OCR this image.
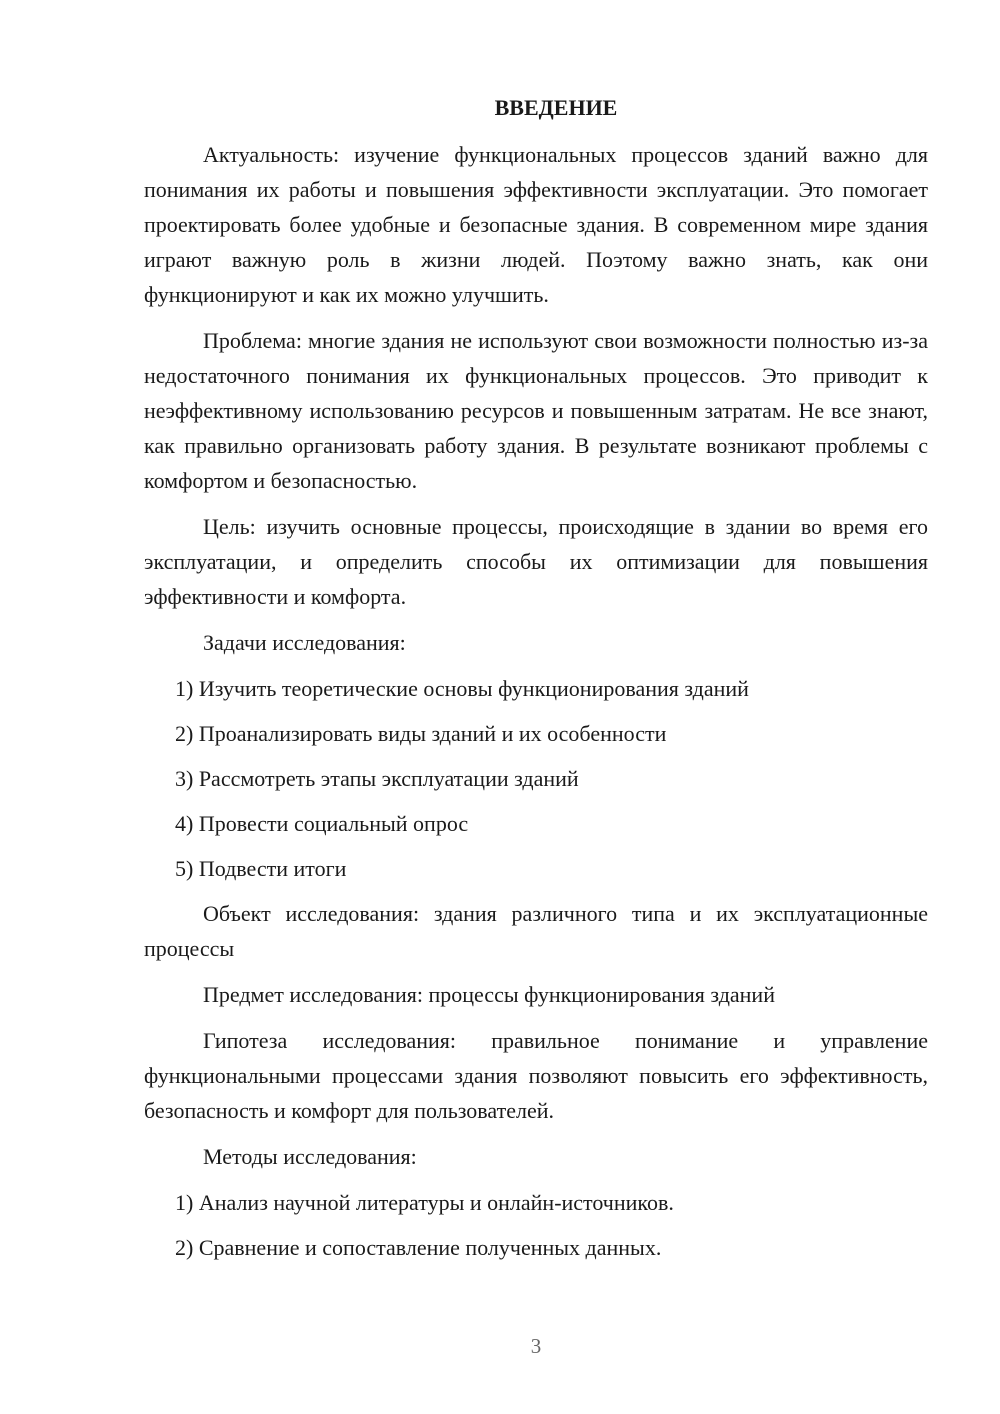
ВВЕДЕНИЕ

Актуальность: изучение функциональных процессов зданий важно для понимания их работы и повышения эффективности эксплуатации. Это помогает проектировать более удобные и безопасные здания. В современном мире здания играют важную роль в жизни людей. Поэтому важно знать, как они функционируют и как их можно улучшить.

Проблема: многие здания не используют свои возможности полностью из-за недостаточного понимания их функциональных процессов. Это приводит к неэффективному использованию ресурсов и повышенным затратам. Не все знают, как правильно организовать работу здания. В результате возникают проблемы с комфортом и безопасностью.

Цель: изучить основные процессы, происходящие в здании во время его эксплуатации, и определить способы их оптимизации для повышения эффективности и комфорта.

Задачи исследования:

1) Изучить теоретические основы функционирования зданий

2) Проанализировать виды зданий и их особенности

3) Рассмотреть этапы эксплуатации зданий

4) Провести социальный опрос

5) Подвести итоги

Объект исследования: здания различного типа и их эксплуатационные процессы

Предмет исследования: процессы функционирования зданий

Гипотеза исследования: правильное понимание и управление функциональными процессами здания позволяют повысить его эффективность, безопасность и комфорт для пользователей.

Методы исследования:

1) Анализ научной литературы и онлайн-источников.

2) Сравнение и сопоставление полученных данных.

3
